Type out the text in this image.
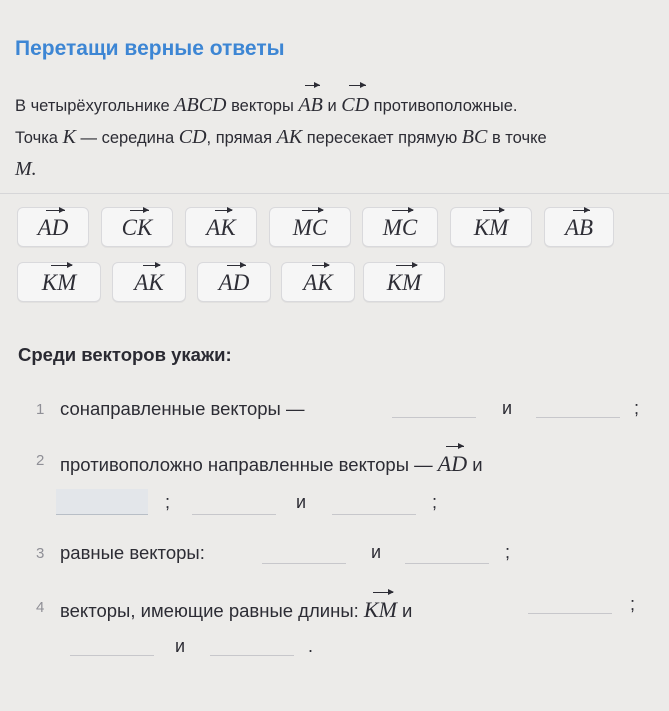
Перетащи верные ответы
В четырёхугольнике ABCD векторы AB и CD противоположные.
Точка K — середина CD, прямая AK пересекает прямую BC в точке
M.
AD CK AK MC MC KM AB
KM	AK AD AK KM
Среди векторов укажи:
1 сонаправленные векторы —	и	;
2 противоположно направленные векторы — AD и
;	и	;
3 равные векторы:	и	;
4 векторы, имеющие равные длины: KM и	;
и	.
